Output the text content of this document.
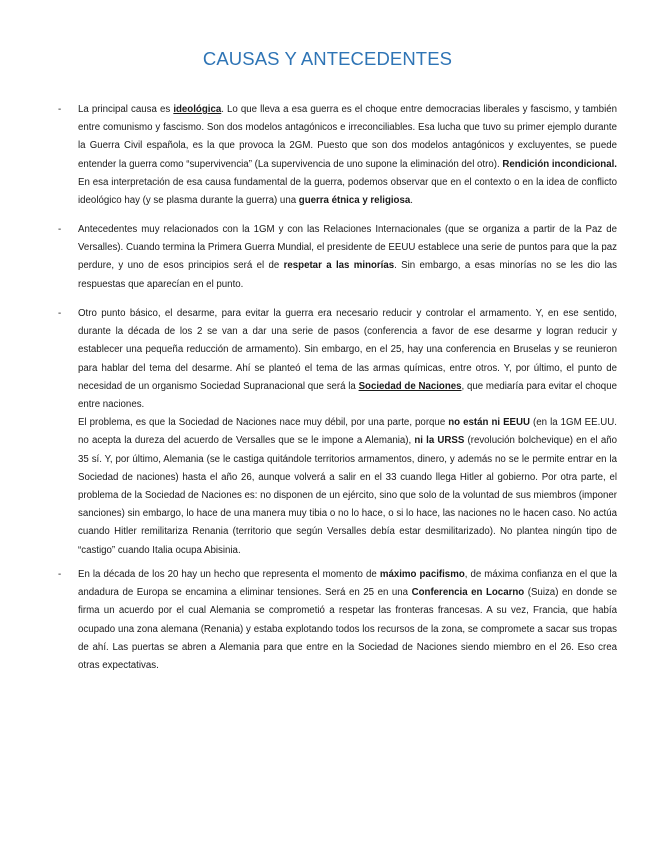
CAUSAS Y ANTECEDENTES
- La principal causa es ideológica. Lo que lleva a esa guerra es el choque entre democracias liberales y fascismo, y también entre comunismo y fascismo. Son dos modelos antagónicos e irreconciliables. Esa lucha que tuvo su primer ejemplo durante la Guerra Civil española, es la que provoca la 2GM. Puesto que son dos modelos antagónicos y excluyentes, se puede entender la guerra como “supervivencia” (La supervivencia de uno supone la eliminación del otro). Rendición incondicional. En esa interpretación de esa causa fundamental de la guerra, podemos observar que en el contexto o en la idea de conflicto ideológico hay (y se plasma durante la guerra) una guerra étnica y religiosa.

- Antecedentes muy relacionados con la 1GM y con las Relaciones Internacionales (que se organiza a partir de la Paz de Versalles). Cuando termina la Primera Guerra Mundial, el presidente de EEUU establece una serie de puntos para que la paz perdure, y uno de esos principios será el de respetar a las minorías. Sin embargo, a esas minorías no se les dio las respuestas que aparecían en el punto.

- Otro punto básico, el desarme, para evitar la guerra era necesario reducir y controlar el armamento. Y, en ese sentido, durante la década de los 2 se van a dar una serie de pasos (conferencia a favor de ese desarme y logran reducir y establecer una pequeña reducción de armamento). Sin embargo, en el 25, hay una conferencia en Bruselas y se reunieron para hablar del tema del desarme. Ahí se planteó el tema de las armas químicas, entre otros. Y, por último, el punto de necesidad de un organismo Sociedad Supranacional que será la Sociedad de Naciones, que mediaría para evitar el choque entre naciones.

El problema, es que la Sociedad de Naciones nace muy débil, por una parte, porque no están ni EEUU (en la 1GM EE.UU. no acepta la dureza del acuerdo de Versalles que se le impone a Alemania), ni la URSS (revolución bolchevique) en el año 35 sí. Y, por último, Alemania (se le castiga quitándole territorios armamentos, dinero, y además no se le permite entrar en la Sociedad de naciones) hasta el año 26, aunque volverá a salir en el 33 cuando llega Hitler al gobierno. Por otra parte, el problema de la Sociedad de Naciones es: no disponen de un ejército, sino que solo de la voluntad de sus miembros (imponer sanciones) sin embargo, lo hace de una manera muy tibia o no lo hace, o si lo hace, las naciones no le hacen caso. No actúa cuando Hitler remilitariza Renania (territorio que según Versalles debía estar desmilitarizado). No plantea ningún tipo de “castigo” cuando Italia ocupa Abisinia.

- En la década de los 20 hay un hecho que representa el momento de máximo pacifismo, de máxima confianza en el que la andadura de Europa se encamina a eliminar tensiones. Será en 25 en una Conferencia en Locarno (Suiza) en donde se firma un acuerdo por el cual Alemania se comprometió a respetar las fronteras francesas. A su vez, Francia, que había ocupado una zona alemana (Renania) y estaba explotando todos los recursos de la zona, se compromete a sacar sus tropas de ahí. Las puertas se abren a Alemania para que entre en la Sociedad de Naciones siendo miembro en el 26. Eso crea otras expectativas.
